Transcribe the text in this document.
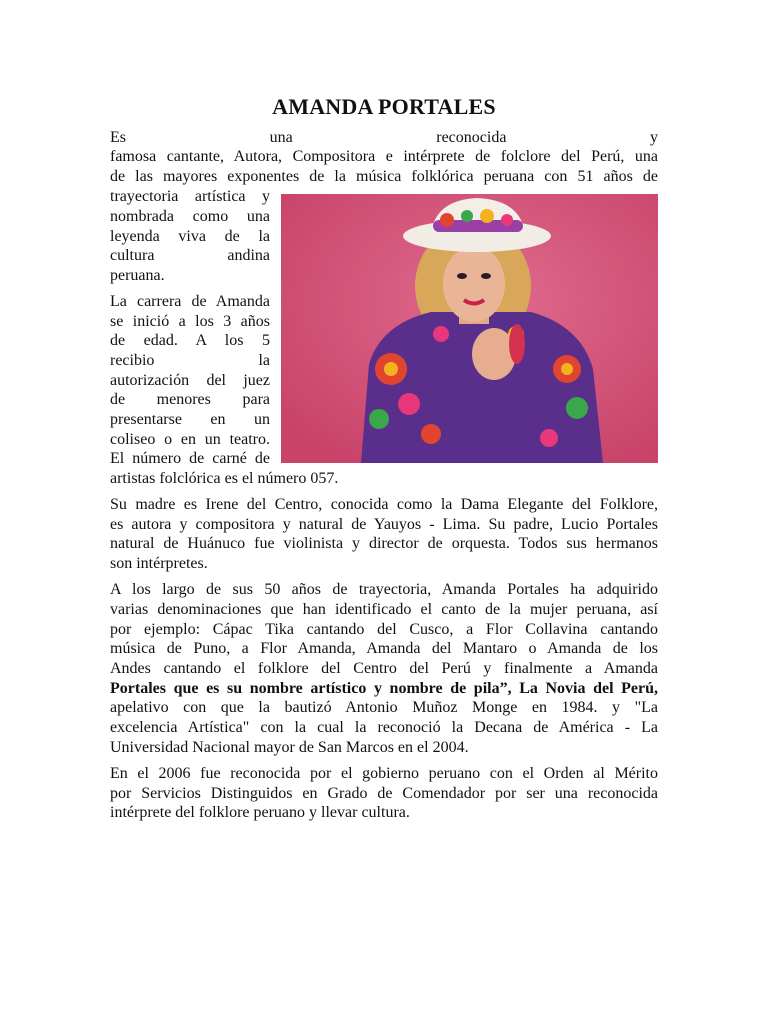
AMANDA PORTALES
Es una reconocida y
famosa cantante, Autora, Compositora e intérprete de folclore del Perú, una
de las mayores exponentes de la música folklórica peruana con 51 años de
trayectoria artística y
nombrada como una
leyenda viva de la
cultura andina
peruana.
La carrera de Amanda
se inició a los 3 años
de edad. A los 5
recibio la
autorización del juez
de menores para
presentarse en un
coliseo o en un teatro.
El número de carné de
artistas folclórica es el número 057.
Su madre es Irene del Centro, conocida como la Dama Elegante del Folklore,
es autora y compositora y natural de Yauyos - Lima. Su padre, Lucio Portales
natural de Huánuco fue violinista y director de orquesta. Todos sus hermanos
son intérpretes.
A los largo de sus 50 años de trayectoria, Amanda Portales ha adquirido
varias denominaciones que han identificado el canto de la mujer peruana, así
por ejemplo: Cápac Tika cantando del Cusco, a Flor Collavina cantando
música de Puno, a Flor Amanda, Amanda del Mantaro o Amanda de los
Andes cantando el folklore del Centro del Perú y finalmente a Amanda
Portales que es su nombre artístico y nombre de pila”, La Novia del Perú,
apelativo con que la bautizó Antonio Muñoz Monge en 1984. y "La
excelencia Artística" con la cual la reconoció la Decana de América - La
Universidad Nacional mayor de San Marcos en el 2004.
En el 2006 fue reconocida por el gobierno peruano con el Orden al Mérito
por Servicios Distinguidos en Grado de Comendador por ser una reconocida
intérprete del folklore peruano y llevar cultura.
